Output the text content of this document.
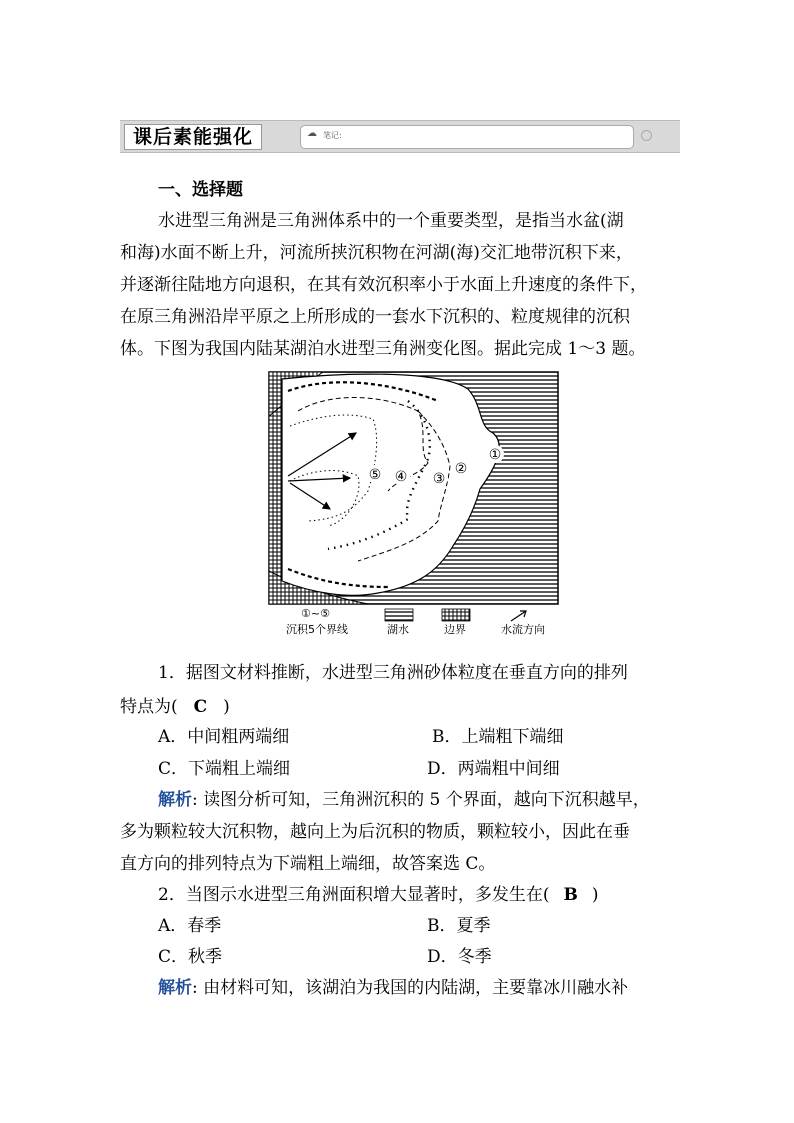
课后素能强化	☁ 笔记:
一、选择题
水进型三角洲是三角洲体系中的一个重要类型，是指当水盆(湖
和海)水面不断上升，河流所挟沉积物在河湖(海)交汇地带沉积下来，
并逐渐往陆地方向退积，在其有效沉积率小于水面上升速度的条件下，
在原三角洲沿岸平原之上所形成的一套水下沉积的、粒度规律的沉积
体。下图为我国内陆某湖泊水进型三角洲变化图。据此完成 1～3 题。
①
②
③
④
⑤
①~⑤
沉积5个界线	湖水	边界	水流方向
1．据图文材料推断，水进型三角洲砂体粒度在垂直方向的排列
特点为( C )
A．中间粗两端细	B．上端粗下端细
C．下端粗上端细	D．两端粗中间细
解析: 读图分析可知，三角洲沉积的 5 个界面，越向下沉积越早，
多为颗粒较大沉积物，越向上为后沉积的物质，颗粒较小，因此在垂
直方向的排列特点为下端粗上端细，故答案选 C。
2．当图示水进型三角洲面积增大显著时，多发生在( B )
A．春季	B．夏季
C．秋季	D．冬季
解析: 由材料可知，该湖泊为我国的内陆湖，主要靠冰川融水补
